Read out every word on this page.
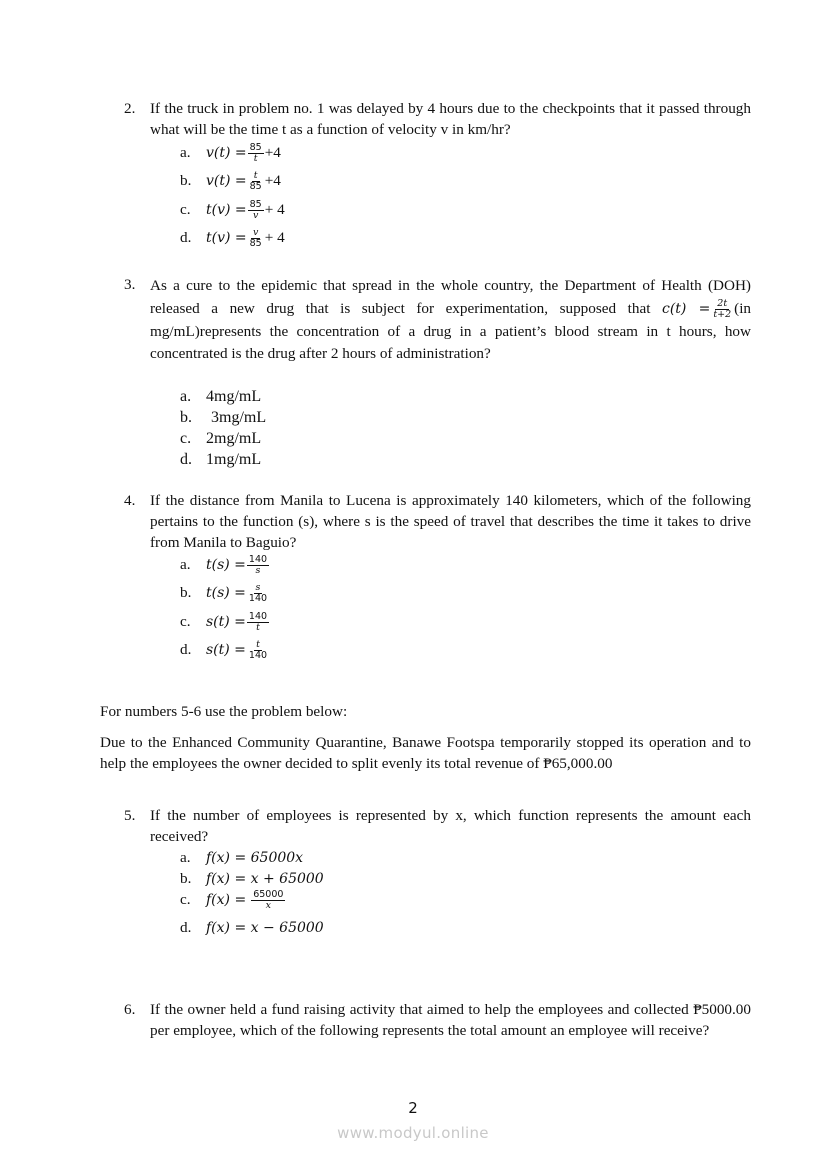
2. If the truck in problem no. 1 was delayed by 4 hours due to the checkpoints that it passed through what will be the time t as a function of velocity v in km/hr?
a. $v(t) = \frac{85}{t} +4$
b. $v(t) = \frac{t}{85} +4$
c. $t(v) = \frac{85}{v} + 4$
d. $t(v) = \frac{v}{85} + 4$
3. As a cure to the epidemic that spread in the whole country, the Department of Health (DOH) released a new drug that is subject for experimentation, supposed that $c(t) = \frac{2t}{t+2} (in$ mg/mL)represents the concentration of a drug in a patient’s blood stream in t hours, how concentrated is the drug after 2 hours of administration?
a. 4mg/mL
b. 3mg/mL
c. 2mg/mL
d. 1mg/mL
4. If the distance from Manila to Lucena is approximately 140 kilometers, which of the following pertains to the function (s), where s is the speed of travel that describes the time it takes to drive from Manila to Baguio?
a. $t(s) = \frac{140}{s}$
b. $t(s) = \frac{s}{140}$
c. $s(t) = \frac{140}{t}$
d. $s(t) = \frac{t}{140}$
For numbers 5-6 use the problem below:
Due to the Enhanced Community Quarantine, Banawe Footspa temporarily stopped its operation and to help the employees the owner decided to split evenly its total revenue of ₱65,000.00
5. If the number of employees is represented by x, which function represents the amount each received?
a. f(x) = 65000x
b. f(x) = x + 65000
c. $f(x) = \frac{65000}{x}$
d. f(x) = x − 65000
6. If the owner held a fund raising activity that aimed to help the employees and collected ₱5000.00 per employee, which of the following represents the total amount an employee will receive?
2
www.modyul.online
